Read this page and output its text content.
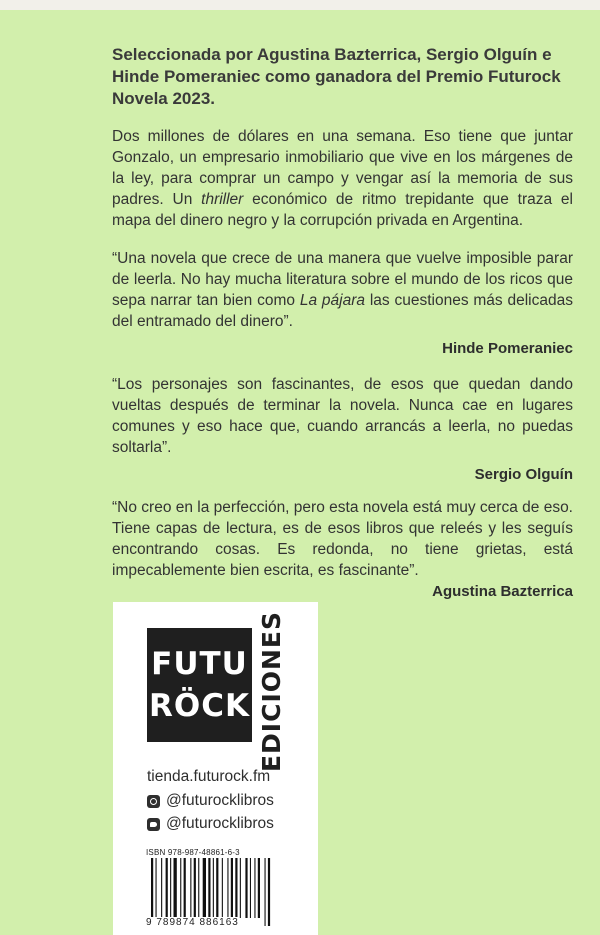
Seleccionada por Agustina Bazterrica, Sergio Olguín e Hinde Pomeraniec como ganadora del Premio Futurock Novela 2023.
Dos millones de dólares en una semana. Eso tiene que juntar Gonzalo, un empresario inmobiliario que vive en los márgenes de la ley, para comprar un campo y vengar así la memoria de sus padres. Un thriller económico de ritmo trepidante que traza el mapa del dinero negro y la corrupción privada en Argentina.
“Una novela que crece de una manera que vuelve imposible parar de leerla. No hay mucha literatura sobre el mundo de los ricos que sepa narrar tan bien como La pájara las cuestiones más delicadas del entramado del dinero”.
Hinde Pomeraniec
“Los personajes son fascinantes, de esos que quedan dando vueltas después de terminar la novela. Nunca cae en lugares comunes y eso hace que, cuando arrancás a leerla, no puedas soltarla”.
Sergio Olguín
“No creo en la perfección, pero esta novela está muy cerca de eso. Tiene capas de lectura, es de esos libros que releés y les seguís encontrando cosas. Es redonda, no tiene grietas, está impecablemente bien escrita, es fascinante”.
Agustina Bazterrica
FUTU
RÖCK EDICIONES
tienda.futurock.fm
@futurocklibros
@futurocklibros
ISBN 978-987-48861-6-3
9 789874 886163
